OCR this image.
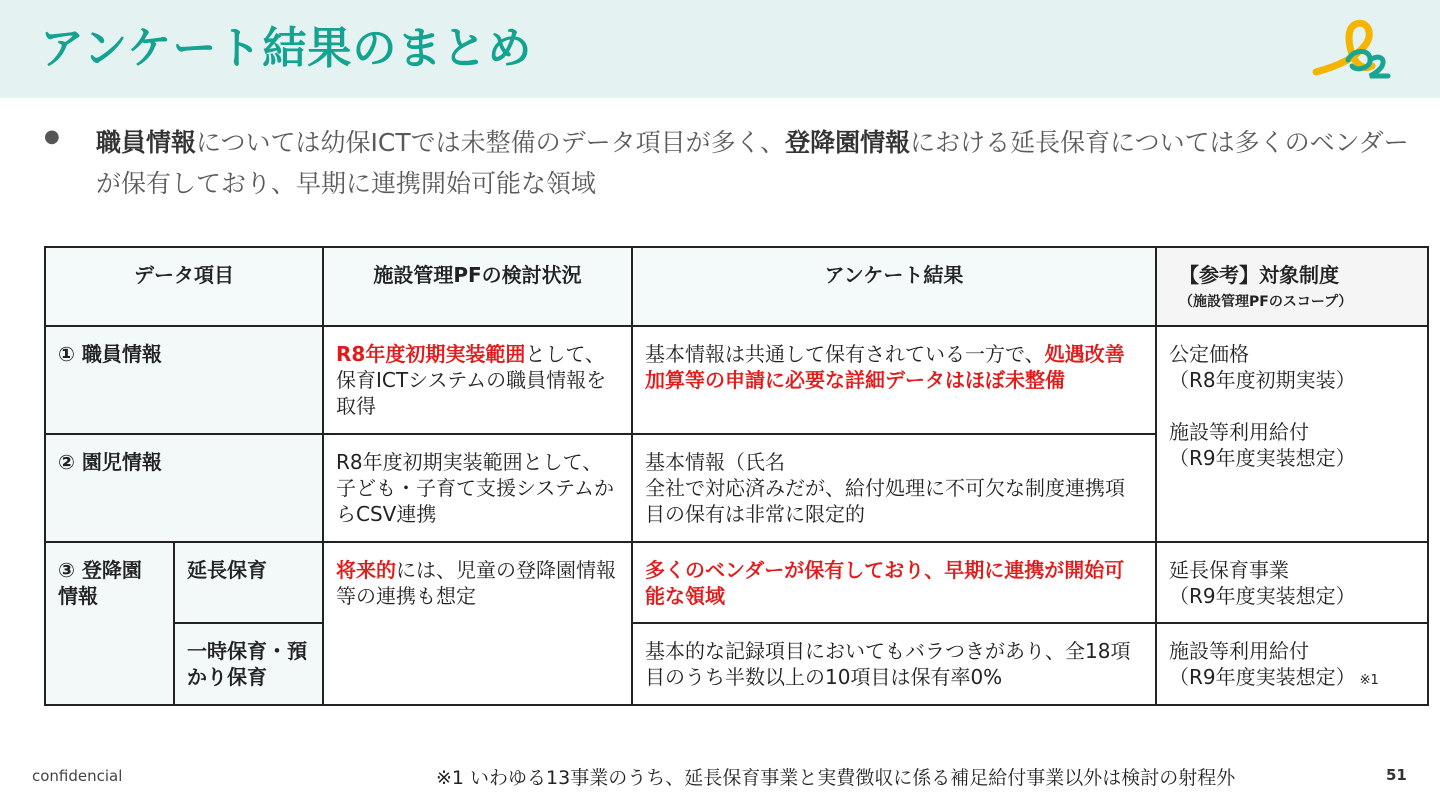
アンケート結果のまとめ
● 職員情報については幼保ICTでは未整備のデータ項目が多く、登降園情報における延長保育については多くのベンダーが保有しており、早期に連携開始可能な領域
データ項目		施設管理PFの検討状況	アンケート結果	【参考】対象制度
（施設管理PFのスコープ）

① 職員情報		R8年度初期実装範囲として、保育ICTシステムの職員情報を取得	基本情報は共通して保有されている一方で、処遇改善加算等の申請に必要な詳細データはほぼ未整備	公定価格
（R8年度初期実装）
施設等利用給付
（R9年度実装想定）

② 園児情報		R8年度初期実装範囲として、子ども・子育て支援システムからCSV連携	基本情報（氏名
全社で対応済みだが、給付処理に不可欠な制度連携項目の保有は非常に限定的	

③ 登降園情報	延長保育	将来的には、児童の登降園情報等の連携も想定	多くのベンダーが保有しており、早期に連携が開始可能な領域	延長保育事業
（R9年度実装想定）

	一時保育・預かり保育		基本的な記録項目においてもバラつきがあり、全18項目のうち半数以上の10項目は保有率0%	施設等利用給付
（R9年度実装想定） ※1
confidencial	※1 いわゆる13事業のうち、延長保育事業と実費徴収に係る補足給付事業以外は検討の射程外	51
